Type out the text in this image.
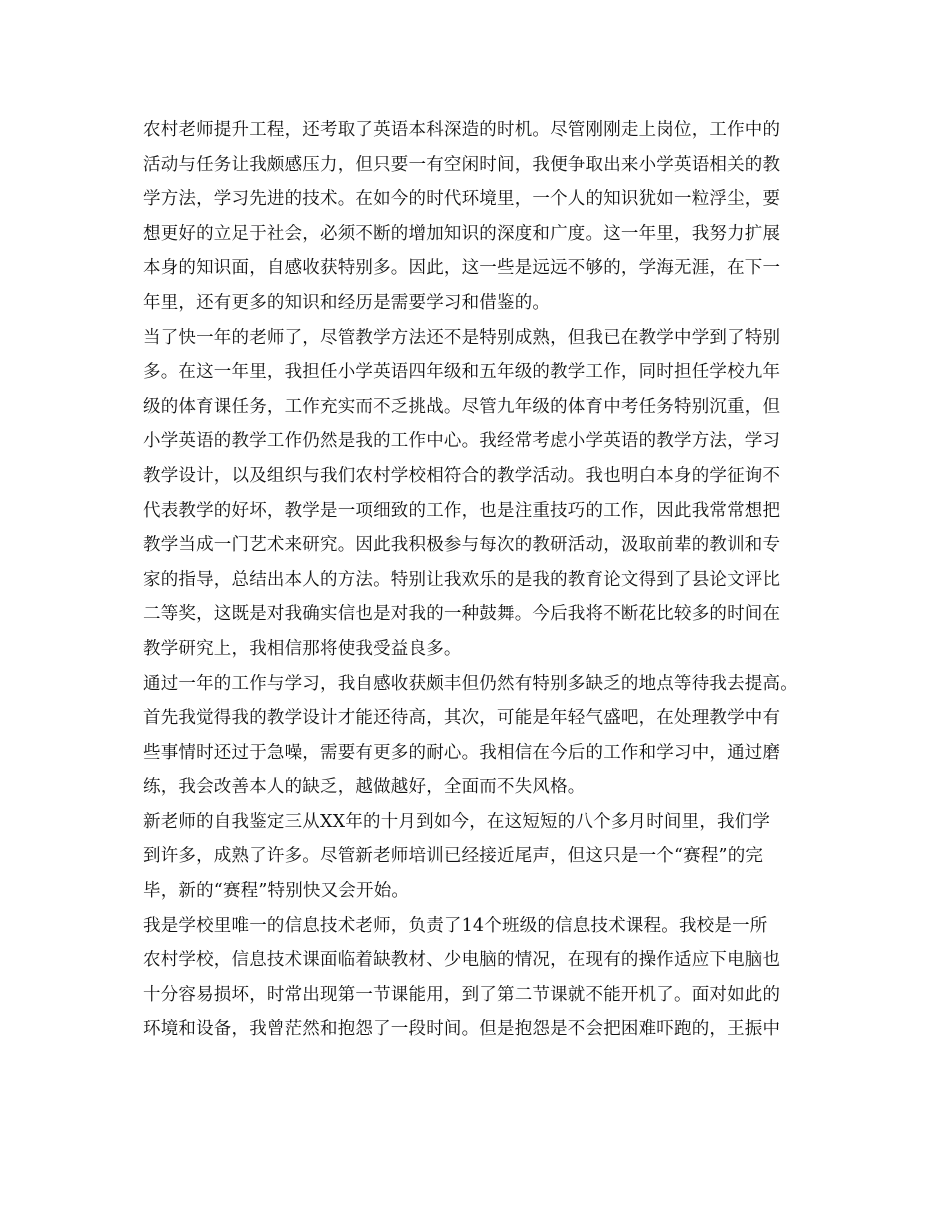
农村老师提升工程，还考取了英语本科深造的时机。尽管刚刚走上岗位，工作中的
活动与任务让我颇感压力，但只要一有空闲时间，我便争取出来小学英语相关的教
学方法，学习先进的技术。在如今的时代环境里，一个人的知识犹如一粒浮尘，要
想更好的立足于社会，必须不断的增加知识的深度和广度。这一年里，我努力扩展
本身的知识面，自感收获特别多。因此，这一些是远远不够的，学海无涯，在下一
年里，还有更多的知识和经历是需要学习和借鉴的。

当了快一年的老师了，尽管教学方法还不是特别成熟，但我已在教学中学到了特别
多。在这一年里，我担任小学英语四年级和五年级的教学工作，同时担任学校九年
级的体育课任务，工作充实而不乏挑战。尽管九年级的体育中考任务特别沉重，但
小学英语的教学工作仍然是我的工作中心。我经常考虑小学英语的教学方法，学习
教学设计，以及组织与我们农村学校相符合的教学活动。我也明白本身的学征询不
代表教学的好坏，教学是一项细致的工作，也是注重技巧的工作，因此我常常想把
教学当成一门艺术来研究。因此我积极参与每次的教研活动，汲取前辈的教训和专
家的指导，总结出本人的方法。特别让我欢乐的是我的教育论文得到了县论文评比
二等奖，这既是对我确实信也是对我的一种鼓舞。今后我将不断花比较多的时间在
教学研究上，我相信那将使我受益良多。

通过一年的工作与学习，我自感收获颇丰但仍然有特别多缺乏的地点等待我去提高。
首先我觉得我的教学设计才能还待高，其次，可能是年轻气盛吧，在处理教学中有
些事情时还过于急噪，需要有更多的耐心。我相信在今后的工作和学习中，通过磨
练，我会改善本人的缺乏，越做越好，全面而不失风格。

新老师的自我鉴定三从XX年的十月到如今，在这短短的八个多月时间里，我们学
到许多，成熟了许多。尽管新老师培训已经接近尾声，但这只是一个“赛程”的完
毕，新的“赛程”特别快又会开始。

我是学校里唯一的信息技术老师，负责了14个班级的信息技术课程。我校是一所
农村学校，信息技术课面临着缺教材、少电脑的情况，在现有的操作适应下电脑也
十分容易损坏，时常出现第一节课能用，到了第二节课就不能开机了。面对如此的
环境和设备，我曾茫然和抱怨了一段时间。但是抱怨是不会把困难吓跑的，王振中
